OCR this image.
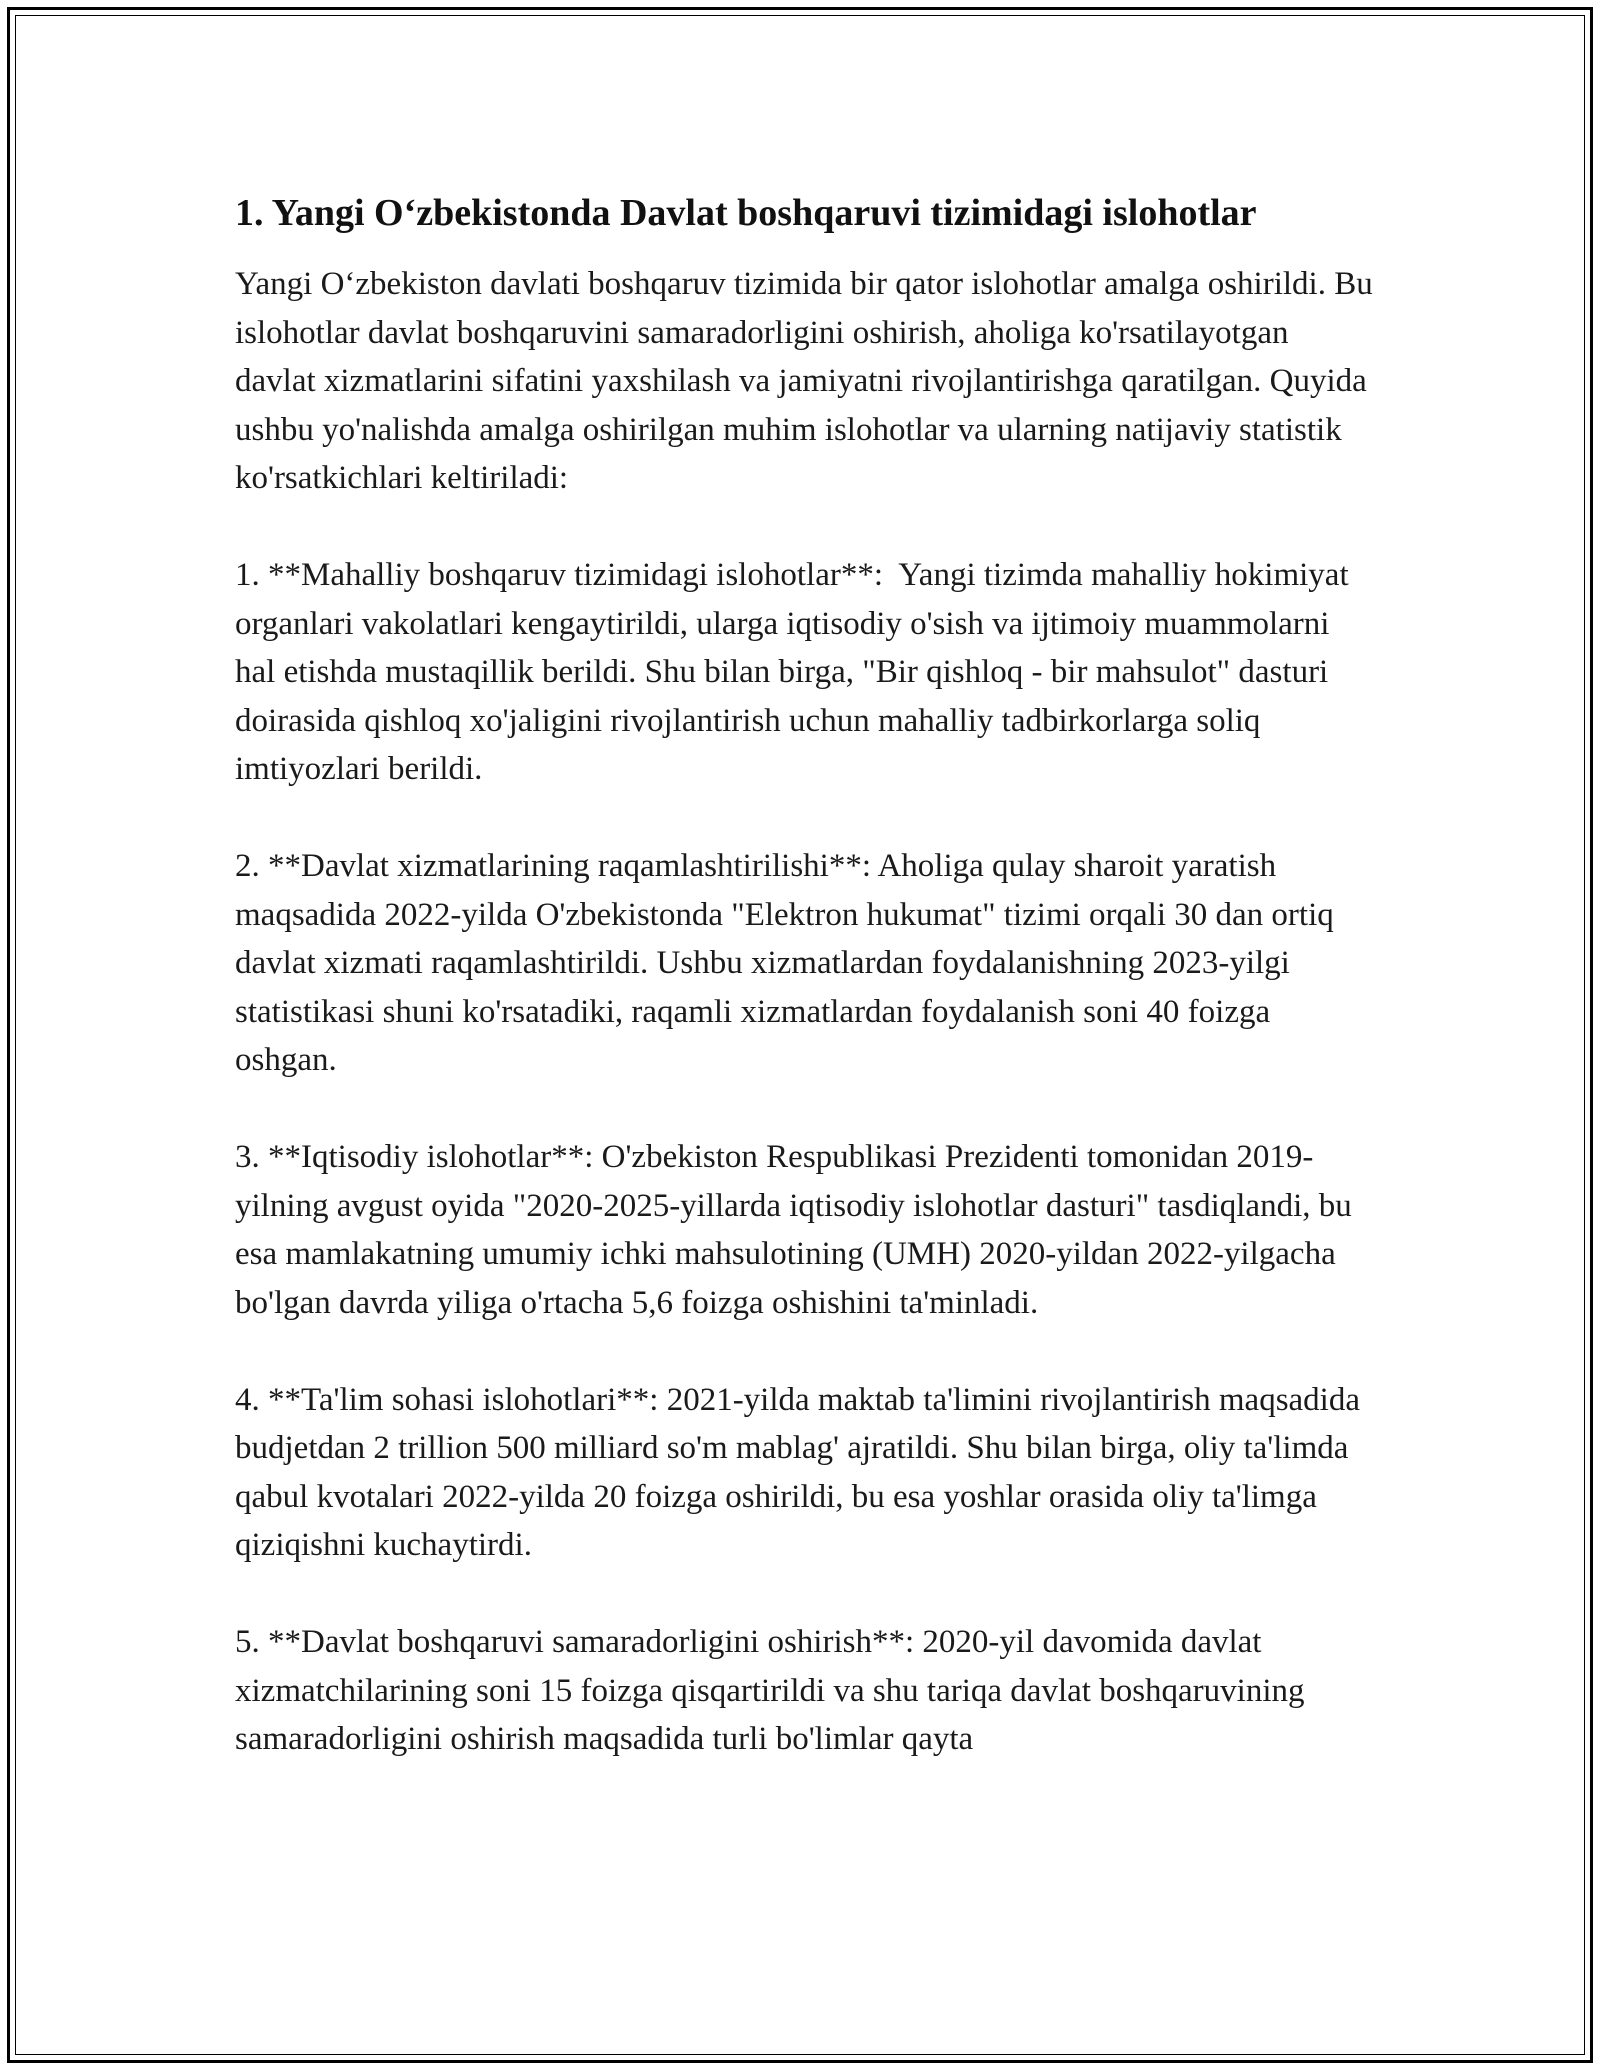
1. Yangi O‘zbekistonda Davlat boshqaruvi tizimidagi islohotlar

Yangi O‘zbekiston davlati boshqaruv tizimida bir qator islohotlar amalga oshirildi. Bu islohotlar davlat boshqaruvini samaradorligini oshirish, aholiga ko'rsatilayotgan davlat xizmatlarini sifatini yaxshilash va jamiyatni rivojlantirishga qaratilgan. Quyida ushbu yo'nalishda amalga oshirilgan muhim islohotlar va ularning natijaviy statistik ko'rsatkichlari keltiriladi:

1. **Mahalliy boshqaruv tizimidagi islohotlar**:  Yangi tizimda mahalliy hokimiyat organlari vakolatlari kengaytirildi, ularga iqtisodiy o'sish va ijtimoiy muammolarni hal etishda mustaqillik berildi. Shu bilan birga, "Bir qishloq - bir mahsulot" dasturi doirasida qishloq xo'jaligini rivojlantirish uchun mahalliy tadbirkorlarga soliq imtiyozlari berildi.

2. **Davlat xizmatlarining raqamlashtirilishi**: Aholiga qulay sharoit yaratish maqsadida 2022-yilda O'zbekistonda "Elektron hukumat" tizimi orqali 30 dan ortiq davlat xizmati raqamlashtirildi. Ushbu xizmatlardan foydalanishning 2023-yilgi statistikasi shuni ko'rsatadiki, raqamli xizmatlardan foydalanish soni 40 foizga oshgan.

3. **Iqtisodiy islohotlar**: O'zbekiston Respublikasi Prezidenti tomonidan 2019-yilning avgust oyida "2020-2025-yillarda iqtisodiy islohotlar dasturi" tasdiqlandi, bu esa mamlakatning umumiy ichki mahsulotining (UMH) 2020-yildan 2022-yilgacha bo'lgan davrda yiliga o'rtacha 5,6 foizga oshishini ta'minladi.

4. **Ta'lim sohasi islohotlari**: 2021-yilda maktab ta'limini rivojlantirish maqsadida budjetdan 2 trillion 500 milliard so'm mablag' ajratildi. Shu bilan birga, oliy ta'limda qabul kvotalari 2022-yilda 20 foizga oshirildi, bu esa yoshlar orasida oliy ta'limga qiziqishni kuchaytirdi.

5. **Davlat boshqaruvi samaradorligini oshirish**: 2020-yil davomida davlat xizmatchilarining soni 15 foizga qisqartirildi va shu tariqa davlat boshqaruvining samaradorligini oshirish maqsadida turli bo'limlar qayta
